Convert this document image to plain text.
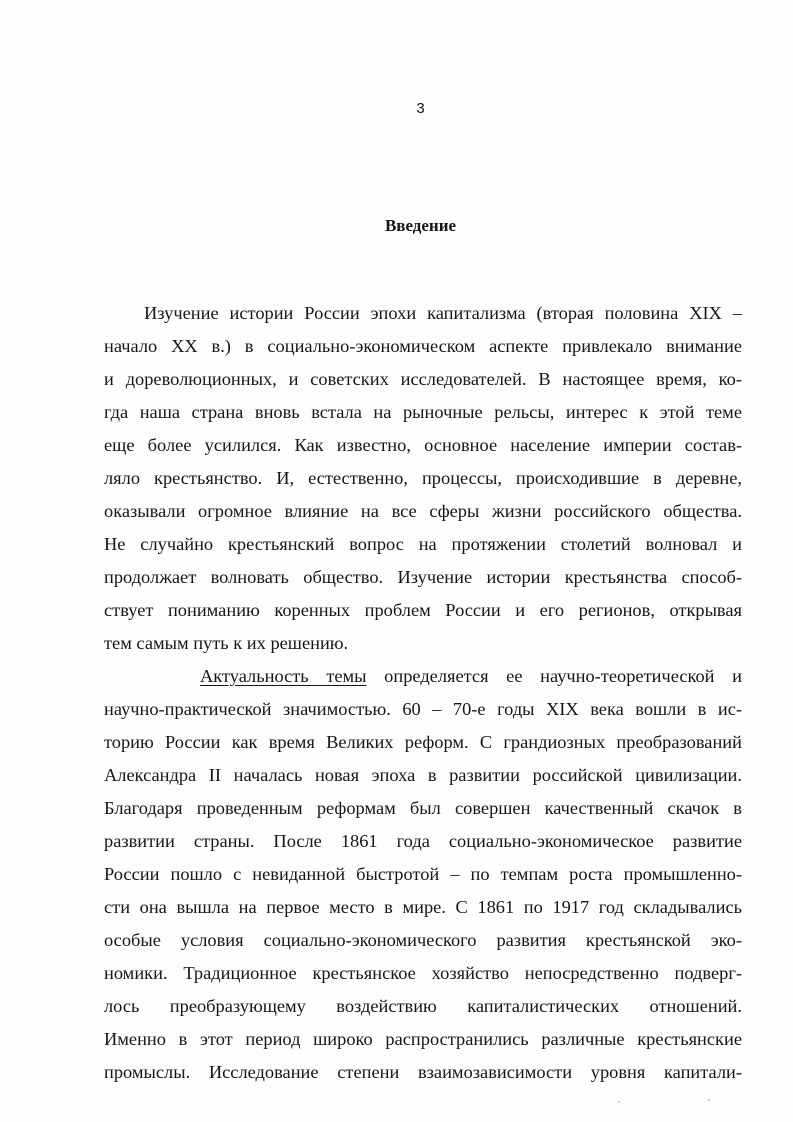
3
Введение
Изучение истории России эпохи капитализма (вторая половина XIX –
начало XX в.) в социально-экономическом аспекте привлекало внимание
и дореволюционных, и советских исследователей. В настоящее время, ко-
гда наша страна вновь встала на рыночные рельсы, интерес к этой теме
еще более усилился. Как известно, основное население империи состав-
ляло крестьянство. И, естественно, процессы, происходившие в деревне,
оказывали огромное влияние на все сферы жизни российского общества.
Не случайно крестьянский вопрос на протяжении столетий волновал и
продолжает волновать общество. Изучение истории крестьянства способ-
ствует пониманию коренных проблем России и его регионов, открывая
тем самым путь к их решению.
Актуальность темы определяется ее научно-теоретической и
научно-практической значимостью. 60 – 70-е годы XIX века вошли в ис-
торию России как время Великих реформ. С грандиозных преобразований
Александра II началась новая эпоха в развитии российской цивилизации.
Благодаря проведенным реформам был совершен качественный скачок в
развитии страны. После 1861 года социально-экономическое развитие
России пошло с невиданной быстротой – по темпам роста промышленно-
сти она вышла на первое место в мире. С 1861 по 1917 год складывались
особые условия социально-экономического развития крестьянской эко-
номики. Традиционное крестьянское хозяйство непосредственно подверг-
лось преобразующему воздействию капиталистических отношений.
Именно в этот период широко распространились различные крестьянские
промыслы. Исследование степени взаимозависимости уровня капитали-
